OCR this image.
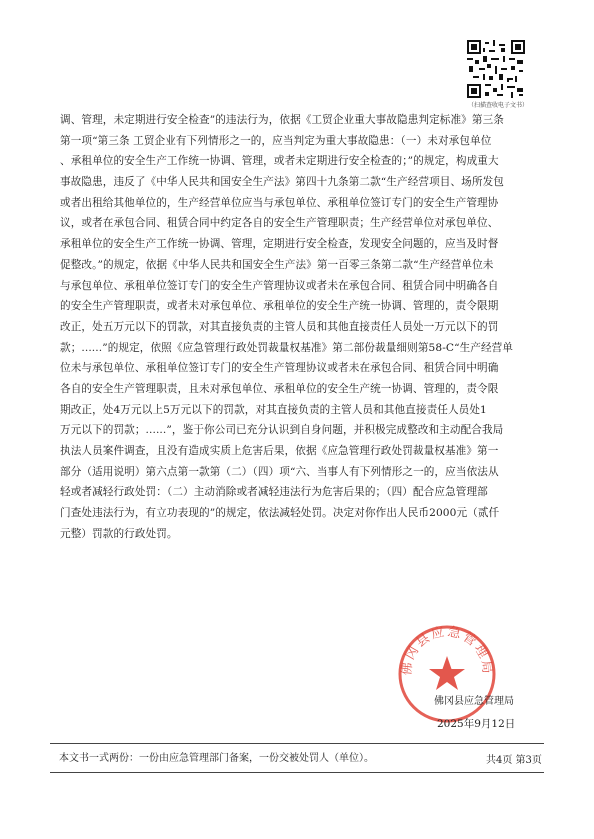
（扫描查收电子文书）
调、管理，未定期进行安全检查”的违法行为，依据《工贸企业重大事故隐患判定标准》第三条
第一项“第三条 工贸企业有下列情形之一的，应当判定为重大事故隐患：（一）未对承包单位
、承租单位的安全生产工作统一协调、管理，或者未定期进行安全检查的；”的规定，构成重大
事故隐患，违反了《中华人民共和国安全生产法》第四十九条第二款“生产经营项目、场所发包
或者出租给其他单位的，生产经营单位应当与承包单位、承租单位签订专门的安全生产管理协
议，或者在承包合同、租赁合同中约定各自的安全生产管理职责；生产经营单位对承包单位、
承租单位的安全生产工作统一协调、管理，定期进行安全检查，发现安全问题的，应当及时督
促整改。”的规定，依据《中华人民共和国安全生产法》第一百零三条第二款“生产经营单位未
与承包单位、承租单位签订专门的安全生产管理协议或者未在承包合同、租赁合同中明确各自
的安全生产管理职责，或者未对承包单位、承租单位的安全生产统一协调、管理的，责令限期
改正，处五万元以下的罚款，对其直接负责的主管人员和其他直接责任人员处一万元以下的罚
款；......”的规定，依照《应急管理行政处罚裁量权基准》第二部份裁量细则第58-C“生产经营单
位未与承包单位、承租单位签订专门的安全生产管理协议或者未在承包合同、租赁合同中明确
各自的安全生产管理职责，且未对承包单位、承租单位的安全生产统一协调、管理的，责令限
期改正，处4万元以上5万元以下的罚款，对其直接负责的主管人员和其他直接责任人员处1
万元以下的罚款；......”，鉴于你公司已充分认识到自身问题，并积极完成整改和主动配合我局
执法人员案件调查，且没有造成实质上危害后果，依据《应急管理行政处罚裁量权基准》第一
部分（适用说明）第六点第一款第（二）（四）项“六、当事人有下列情形之一的，应当依法从
轻或者减轻行政处罚：（二）主动消除或者减轻违法行为危害后果的；（四）配合应急管理部
门查处违法行为，有立功表现的”的规定，依法减轻处罚。决定对你作出人民币2000元（贰仟
元整）罚款的行政处罚。
佛冈县应急管理局
佛冈县应急管理局
2025年9月12日
本文书一式两份：一份由应急管理部门备案，一份交被处罚人（单位）。	共4页 第3页
